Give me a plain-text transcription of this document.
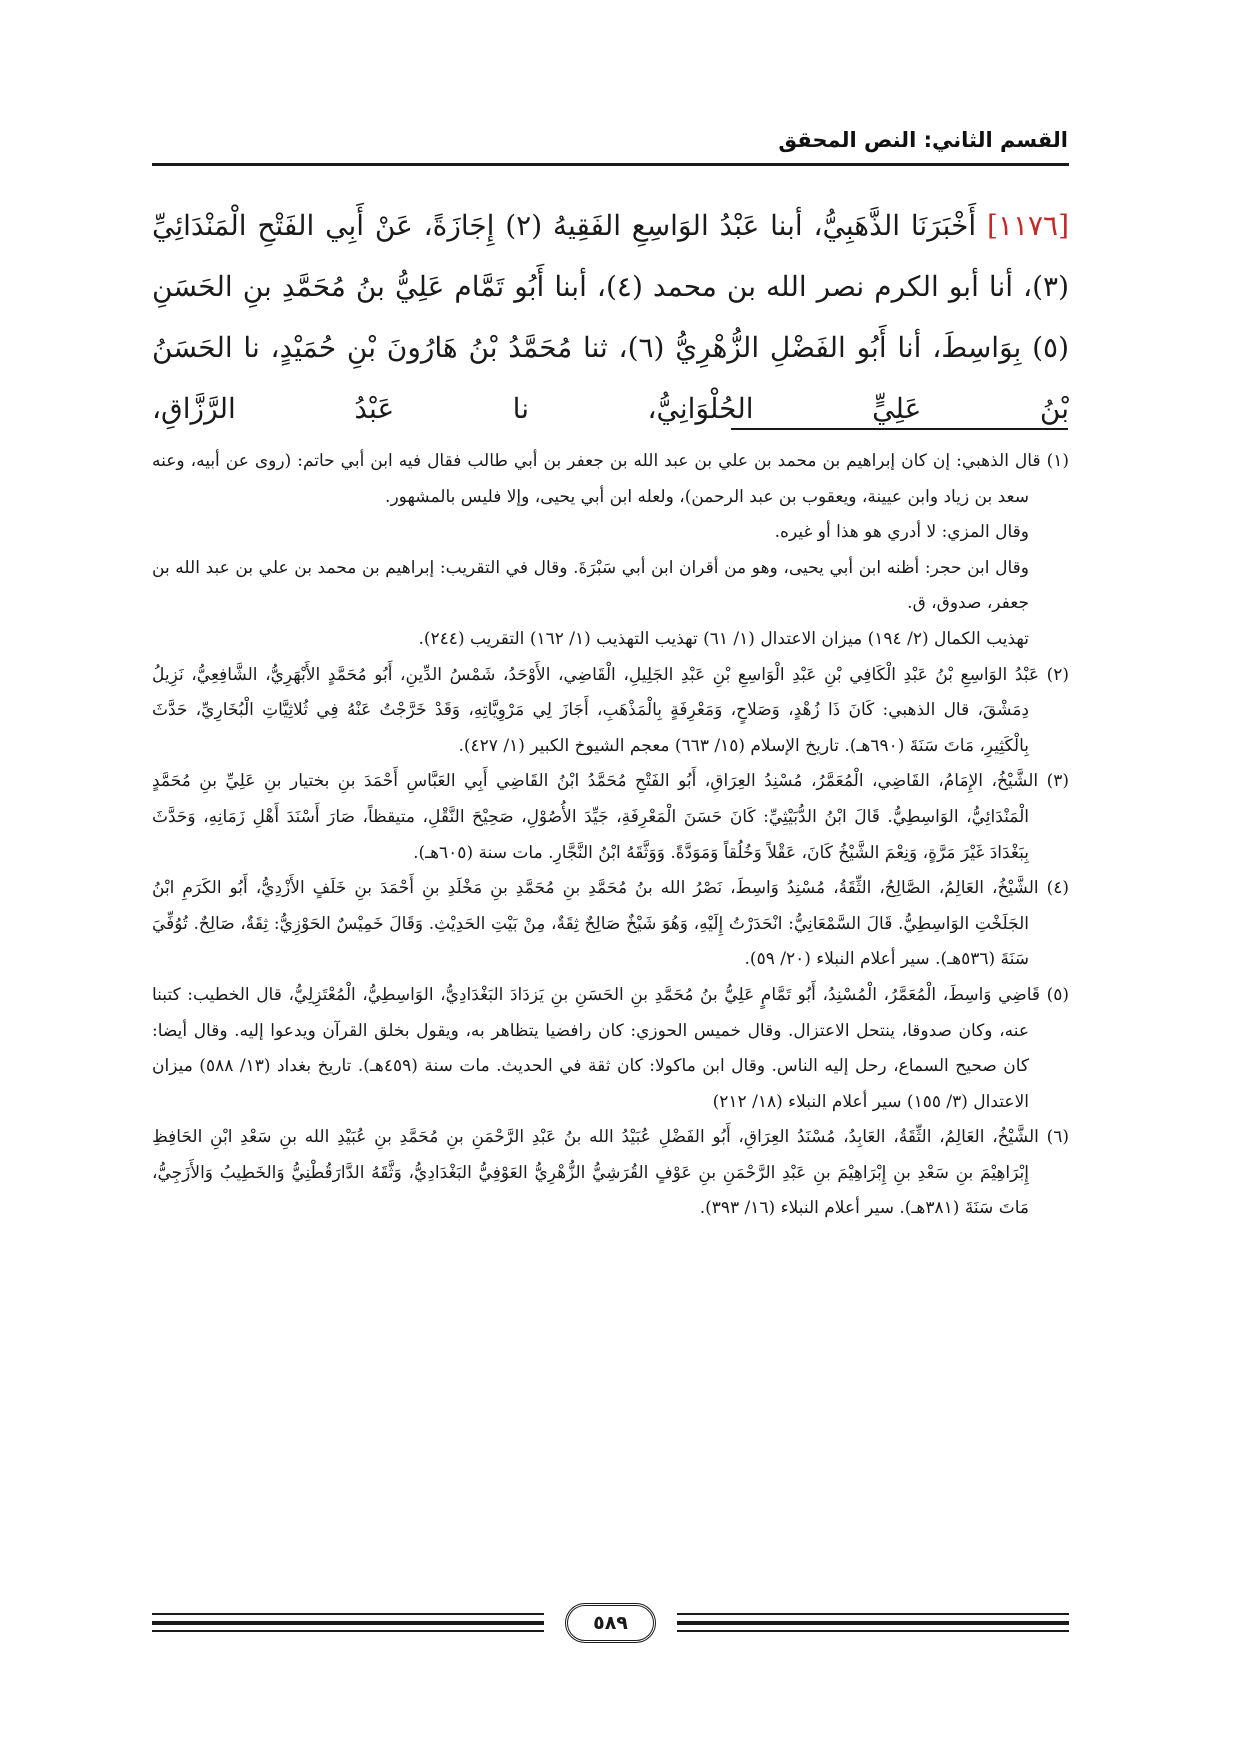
القسم الثاني: النص المحقق
[١١٧٦] أَخْبَرَنَا الذَّهَبِيُّ، أبنا عَبْدُ الوَاسِعِ الفَقِيهُ (٢) إِجَازَةً، عَنْ أَبِي الفَتْحِ الْمَنْدَائِيِّ (٣)، أنا أبو الكرم نصر الله بن محمد (٤)، أبنا أَبُو تَمَّام عَلِيُّ بنُ مُحَمَّدِ بنِ الحَسَنِ (٥) بِوَاسِطَ، أنا أَبُو الفَضْلِ الزُّهْرِيُّ (٦)، ثنا مُحَمَّدُ بْنُ هَارُونَ بْنِ حُمَيْدٍ، نا الحَسَنُ بْنُ عَلِيٍّ الحُلْوَانِيُّ، نا عَبْدُ الرَّزَّاقِ،

(١) قال الذهبي: إن كان إبراهيم بن محمد بن علي بن عبد الله بن جعفر بن أبي طالب فقال فيه ابن أبي حاتم: (روى عن أبيه، وعنه سعد بن زياد وابن عيينة، ويعقوب بن عبد الرحمن)، ولعله ابن أبي يحيى، وإلا فليس بالمشهور.

وقال المزي: لا أدري هو هذا أو غيره.

وقال ابن حجر: أظنه ابن أبي يحيى، وهو من أقران ابن أبي سَبْرَةَ. وقال في التقريب: إبراهيم بن محمد بن علي بن عبد الله بن جعفر، صدوق، ق.

تهذيب الكمال (٢/ ١٩٤) ميزان الاعتدال (١/ ٦١) تهذيب التهذيب (١/ ١٦٢) التقريب (٢٤٤).

(٢) عَبْدُ الوَاسِعِ بْنُ عَبْدِ الْكَافِي بْنِ عَبْدِ الْوَاسِعِ بْنِ عَبْدِ الجَلِيلِ، الْقَاضِي، الأَوْحَدُ، شَمْسُ الدِّينِ، أَبُو مُحَمَّدٍ الأَبْهَرِيُّ، الشَّافِعِيُّ، نَزِيلُ دِمَشْقَ، قال الذهبي: كَانَ ذَا زُهْدٍ، وَصَلاحٍ، وَمَعْرِفَةٍ بِالْمَذْهَبِ، أَجَازَ لِي مَرْوِيَّاتِهِ، وَقَدْ خَرَّجْتُ عَنْهُ فِي ثُلاثِيَّاتِ الْبُخَارِيِّ، حَدَّثَ بِالْكَثِيرِ، مَاتَ سَنَةَ (٦٩٠هـ). تاريخ الإسلام (١٥/ ٦٦٣) معجم الشيوخ الكبير (١/ ٤٢٧).

(٣) الشَّيْخُ، الإِمَامُ، القَاضِي، الْمُعَمَّرُ، مُسْنِدُ العِرَاقِ، أَبُو الفَتْحِ مُحَمَّدُ ابْنُ القَاضِي أَبِي العَبَّاسِ أَحْمَدَ بنِ بختيار بنِ عَلِيِّ بنِ مُحَمَّدٍ الْمَنْدَائِيُّ، الوَاسِطِيُّ. قَالَ ابْنُ الدُّبَيْثِيِّ: كَانَ حَسَنَ الْمَعْرِفَةِ، جَيِّدَ الأُصُوْلِ، صَحِيْحَ النَّقْلِ، متيقظاً، صَارَ أَسْنَدَ أَهْلِ زَمَانِهِ، وَحَدَّثَ بِبَغْدَادَ غَيْرَ مَرَّةٍ، وَنِعْمَ الشَّيْخُ كَانَ، عَقْلاً وَخُلُقاً وَمَوَدَّةً. وَوَثَّقَهُ ابْنُ النَّجَّارِ. مات سنة (٦٠٥هـ).

(٤) الشَّيْخُ، العَالِمُ، الصَّالِحُ، الثِّقَةُ، مُسْنِدُ وَاسِطَ، نَصْرُ الله بنُ مُحَمَّدِ بنِ مُحَمَّدِ بنِ مَخْلَدِ بنِ أَحْمَدَ بنِ خَلَفٍ الأَزْدِيُّ، أَبُو الكَرَمِ ابْنُ الجَلَخْتِ الوَاسِطِيُّ. قَالَ السَّمْعَانِيُّ: انْحَدَرْتُ إِلَيْهِ، وَهُوَ شَيْخٌ صَالِحٌ ثِقَةٌ، مِنْ بَيْتِ الحَدِيْثِ. وَقَالَ خَمِيْسٌ الحَوْزِيُّ: ثِقَةٌ، صَالِحٌ. تُوُفِّيَ سَنَةَ (٥٣٦هـ). سير أعلام النبلاء (٢٠/ ٥٩).

(٥) قَاضِي وَاسِطَ، الْمُعَمَّرُ، الْمُسْنِدُ، أَبُو تَمَّامٍ عَلِيُّ بنُ مُحَمَّدِ بنِ الحَسَنِ بنِ يَزدَادَ البَغْدَادِيُّ، الوَاسِطِيُّ، الْمُعْتَزِلِيُّ، قال الخطيب: كتبنا عنه، وكان صدوقا، ينتحل الاعتزال. وقال خميس الحوزي: كان رافضيا يتظاهر به، ويقول بخلق القرآن ويدعوا إليه. وقال أيضا: كان صحيح السماع، رحل إليه الناس. وقال ابن ماكولا: كان ثقة في الحديث. مات سنة (٤٥٩هـ). تاريخ بغداد (١٣/ ٥٨٨) ميزان الاعتدال (٣/ ١٥٥) سير أعلام النبلاء (١٨/ ٢١٢)

(٦) الشَّيْخُ، العَالِمُ، الثِّقَةُ، العَابِدُ، مُسْنَدُ العِرَاقِ، أَبُو الفَضْلِ عُبَيْدُ الله بنُ عَبْدِ الرَّحْمَنِ بنِ مُحَمَّدِ بنِ عُبَيْدِ الله بنِ سَعْدِ ابْنِ الحَافِظِ إِبْرَاهِيْمَ بنِ سَعْدِ بنِ إِبْرَاهِيْمَ بنِ عَبْدِ الرَّحْمَنِ بنِ عَوْفٍ القُرَشِيُّ الزُّهْرِيُّ العَوْفِيُّ البَغْدَادِيُّ، وَثَّقَهُ الدَّارَقُطْنِيُّ وَالخَطِيبُ وَالأَزَجِيُّ، مَاتَ سَنَةَ (٣٨١هـ). سير أعلام النبلاء (١٦/ ٣٩٣).

٥٨٩
